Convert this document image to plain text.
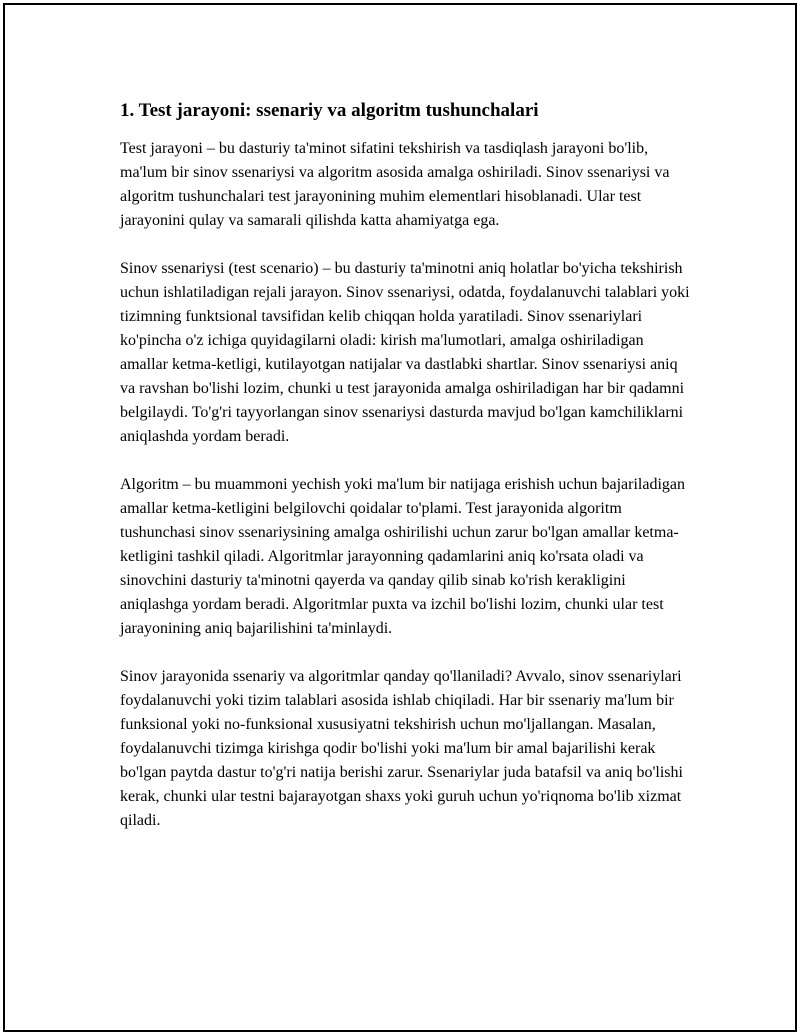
1. Test jarayoni: ssenariy va algoritm tushunchalari

Test jarayoni – bu dasturiy ta'minot sifatini tekshirish va tasdiqlash jarayoni bo'lib, ma'lum bir sinov ssenariysi va algoritm asosida amalga oshiriladi. Sinov ssenariysi va algoritm tushunchalari test jarayonining muhim elementlari hisoblanadi. Ular test jarayonini qulay va samarali qilishda katta ahamiyatga ega.

Sinov ssenariysi (test scenario) – bu dasturiy ta'minotni aniq holatlar bo'yicha tekshirish uchun ishlatiladigan rejali jarayon. Sinov ssenariysi, odatda, foydalanuvchi talablari yoki tizimning funktsional tavsifidan kelib chiqqan holda yaratiladi. Sinov ssenariylari ko'pincha o'z ichiga quyidagilarni oladi: kirish ma'lumotlari, amalga oshiriladigan amallar ketma-ketligi, kutilayotgan natijalar va dastlabki shartlar. Sinov ssenariysi aniq va ravshan bo'lishi lozim, chunki u test jarayonida amalga oshiriladigan har bir qadamni belgilaydi. To'g'ri tayyorlangan sinov ssenariysi dasturda mavjud bo'lgan kamchiliklarni aniqlashda yordam beradi.

Algoritm – bu muammoni yechish yoki ma'lum bir natijaga erishish uchun bajariladigan amallar ketma-ketligini belgilovchi qoidalar to'plami. Test jarayonida algoritm tushunchasi sinov ssenariysining amalga oshirilishi uchun zarur bo'lgan amallar ketma-ketligini tashkil qiladi. Algoritmlar jarayonning qadamlarini aniq ko'rsata oladi va sinovchini dasturiy ta'minotni qayerda va qanday qilib sinab ko'rish kerakligini aniqlashga yordam beradi. Algoritmlar puxta va izchil bo'lishi lozim, chunki ular test jarayonining aniq bajarilishini ta'minlaydi.

Sinov jarayonida ssenariy va algoritmlar qanday qo'llaniladi? Avvalo, sinov ssenariylari foydalanuvchi yoki tizim talablari asosida ishlab chiqiladi. Har bir ssenariy ma'lum bir funksional yoki no-funksional xususiyatni tekshirish uchun mo'ljallangan. Masalan, foydalanuvchi tizimga kirishga qodir bo'lishi yoki ma'lum bir amal bajarilishi kerak bo'lgan paytda dastur to'g'ri natija berishi zarur. Ssenariylar juda batafsil va aniq bo'lishi kerak, chunki ular testni bajarayotgan shaxs yoki guruh uchun yo'riqnoma bo'lib xizmat qiladi.
